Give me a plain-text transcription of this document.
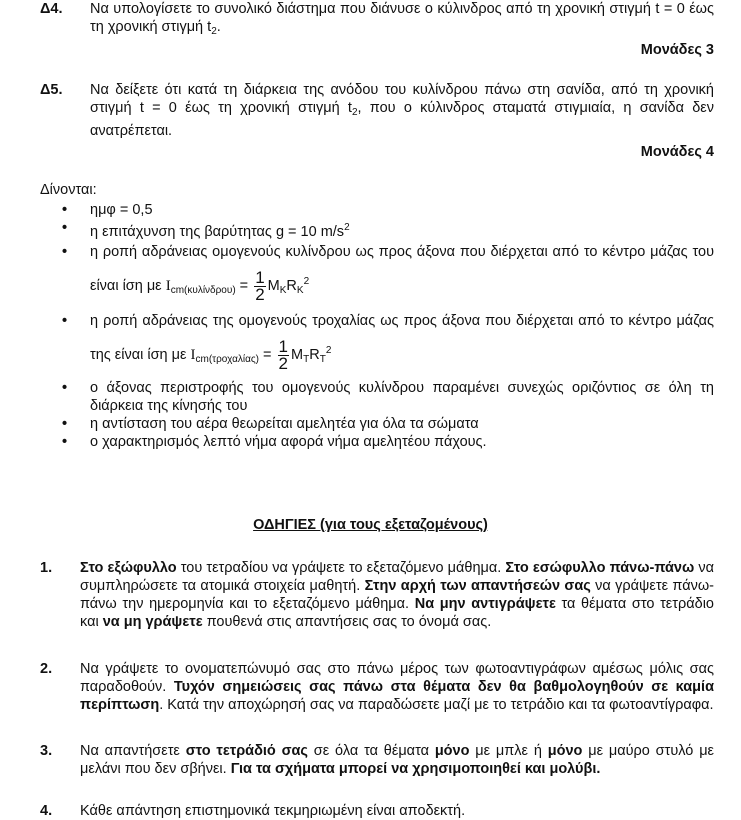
Δ4. Να υπολογίσετε το συνολικό διάστημα που διάνυσε ο κύλινδρος από τη χρονική στιγμή t = 0 έως τη χρονική στιγμή $t_2$.
Μονάδες 3
Δ5. Να δείξετε ότι κατά τη διάρκεια της ανόδου του κυλίνδρου πάνω στη σανίδα, από τη χρονική στιγμή t = 0 έως τη χρονική στιγμή $t_2$, που ο κύλινδρος σταματά στιγμιαία, η σανίδα δεν ανατρέπεται.
Μονάδες 4
Δίνονται:
• ημφ = 0,5
• η επιτάχυνση της βαρύτητας g = 10 $m/s^2$
• η ροπή αδράνειας ομογενούς κυλίνδρου ως προς άξονα που διέρχεται από το κέντρο μάζας του είναι ίση με $I_{cm(\kappa\upsilon\lambda ί\nu\delta\rho o\upsilon)} = \frac{1}{2} M_KR_K^2$
• η ροπή αδράνειας της ομογενούς τροχαλίας ως προς άξονα που διέρχεται από το κέντρο μάζας της είναι ίση με $I_{cm(\tau\rho o\chi\alpha\lambda ί\alpha\varsigma)} = \frac{1}{2} M_TR_T^2$
• ο άξονας περιστροφής του ομογενούς κυλίνδρου παραμένει συνεχώς οριζόντιος σε όλη τη διάρκεια της κίνησής του
• η αντίσταση του αέρα θεωρείται αμελητέα για όλα τα σώματα
• ο χαρακτηρισμός λεπτό νήμα αφορά νήμα αμελητέου πάχους.
ΟΔΗΓΙΕΣ (για τους εξεταζομένους)
1. Στο εξώφυλλο του τετραδίου να γράψετε το εξεταζόμενο μάθημα. Στο εσώφυλλο πάνω-πάνω να συμπληρώσετε τα ατομικά στοιχεία μαθητή. Στην αρχή των απαντήσεών σας να γράψετε πάνω-πάνω την ημερομηνία και το εξεταζόμενο μάθημα. Να μην αντιγράψετε τα θέματα στο τετράδιο και να μη γράψετε πουθενά στις απαντήσεις σας το όνομά σας.
2. Να γράψετε το ονοματεπώνυμό σας στο πάνω μέρος των φωτοαντιγράφων αμέσως μόλις σας παραδοθούν. Τυχόν σημειώσεις σας πάνω στα θέματα δεν θα βαθμολογηθούν σε καμία περίπτωση. Κατά την αποχώρησή σας να παραδώσετε μαζί με το τετράδιο και τα φωτοαντίγραφα.
3. Να απαντήσετε στο τετράδιό σας σε όλα τα θέματα μόνο με μπλε ή μόνο με μαύρο στυλό με μελάνι που δεν σβήνει. Για τα σχήματα μπορεί να χρησιμοποιηθεί και μολύβι.
4. Κάθε απάντηση επιστημονικά τεκμηριωμένη είναι αποδεκτή.
